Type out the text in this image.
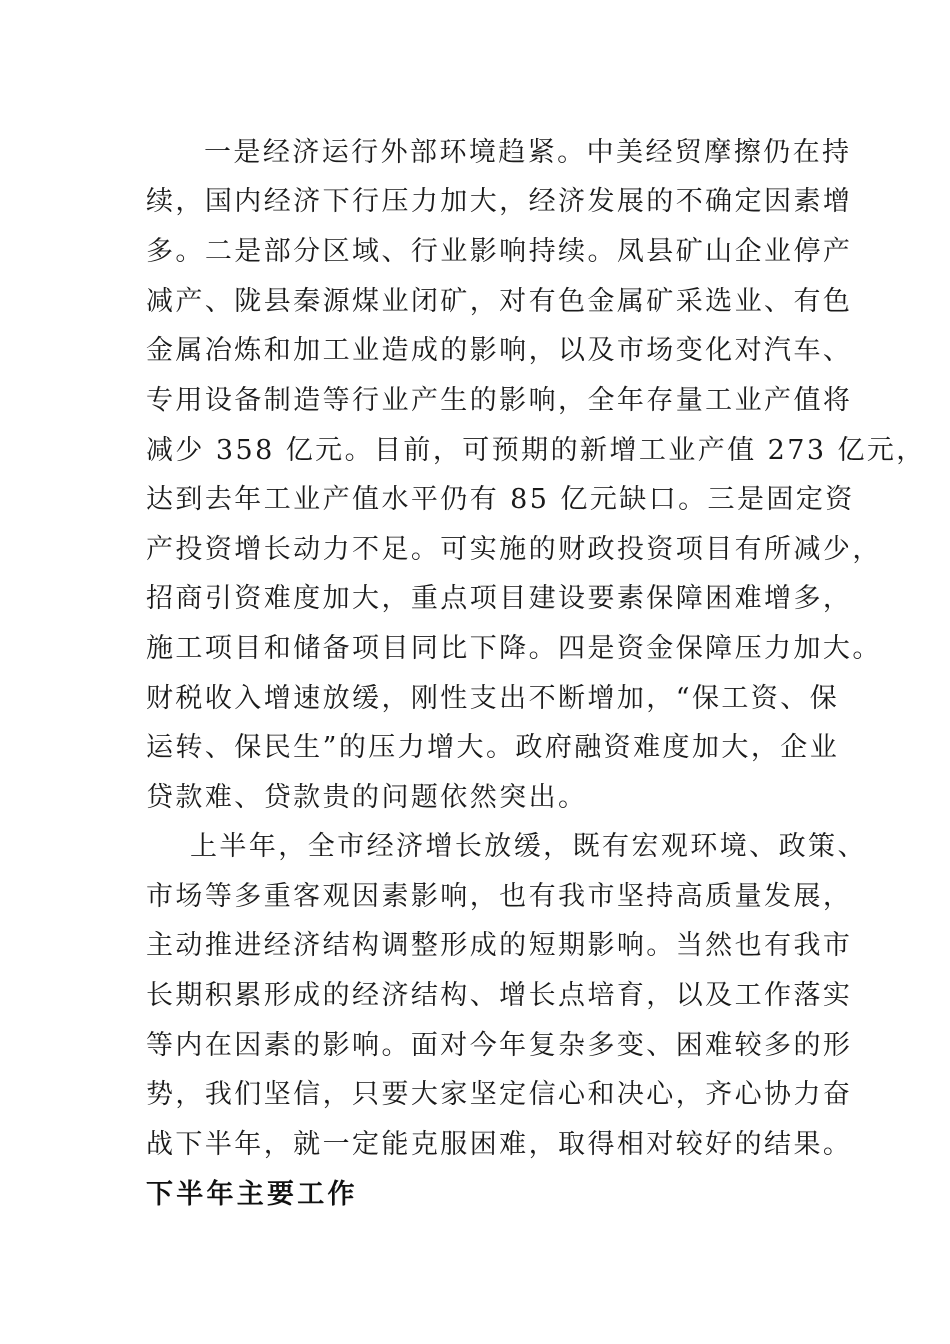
一是经济运行外部环境趋紧。中美经贸摩擦仍在持
续，国内经济下行压力加大，经济发展的不确定因素增
多。二是部分区域、行业影响持续。凤县矿山企业停产
减产、陇县秦源煤业闭矿，对有色金属矿采选业、有色
金属冶炼和加工业造成的影响，以及市场变化对汽车、
专用设备制造等行业产生的影响，全年存量工业产值将
减少 358 亿元。目前，可预期的新增工业产值 273 亿元，
达到去年工业产值水平仍有 85 亿元缺口。三是固定资
产投资增长动力不足。可实施的财政投资项目有所减少，
招商引资难度加大，重点项目建设要素保障困难增多，
施工项目和储备项目同比下降。四是资金保障压力加大。
财税收入增速放缓，刚性支出不断增加，“保工资、保
运转、保民生”的压力增大。政府融资难度加大，企业
贷款难、贷款贵的问题依然突出。
上半年，全市经济增长放缓，既有宏观环境、政策、
市场等多重客观因素影响，也有我市坚持高质量发展，
主动推进经济结构调整形成的短期影响。当然也有我市
长期积累形成的经济结构、增长点培育，以及工作落实
等内在因素的影响。面对今年复杂多变、困难较多的形
势，我们坚信，只要大家坚定信心和决心，齐心协力奋
战下半年，就一定能克服困难，取得相对较好的结果。
下半年主要工作
